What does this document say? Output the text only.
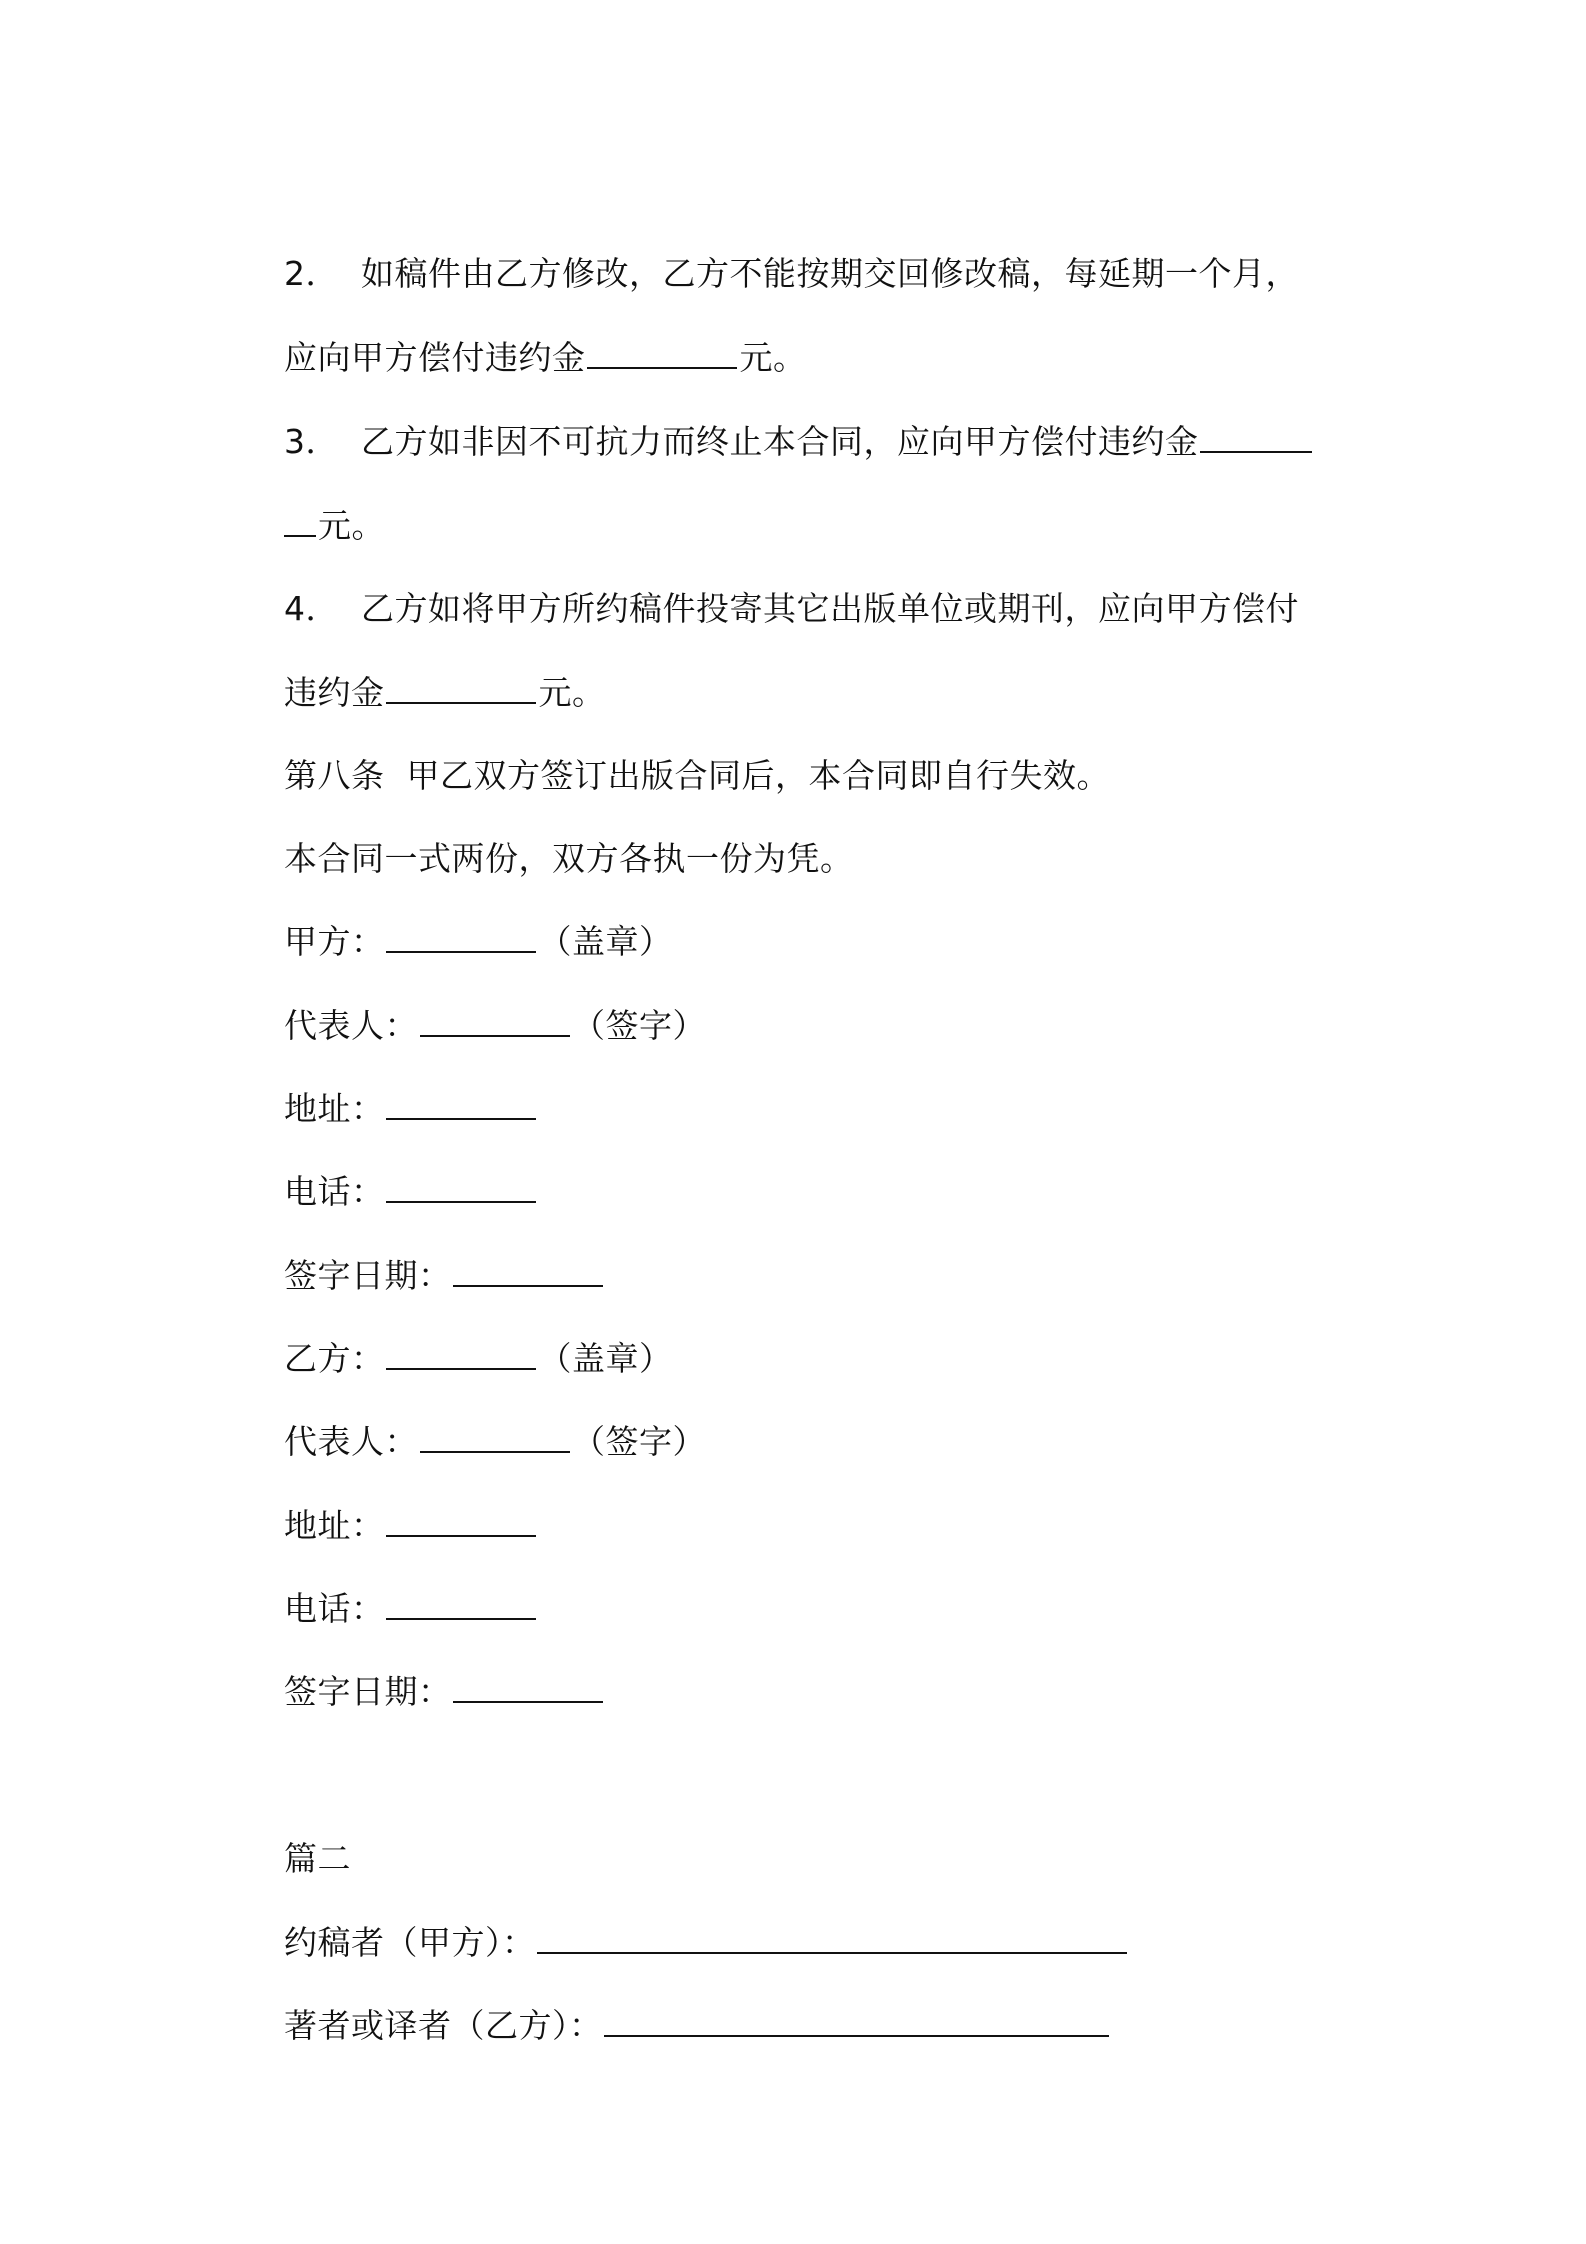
2．  如稿件由乙方修改，乙方不能按期交回修改稿，每延期一个月，

应向甲方偿付违约金	元。

3．  乙方如非因不可抗力而终止本合同，应向甲方偿付违约金

元。

4．  乙方如将甲方所约稿件投寄其它出版单位或期刊，应向甲方偿付

违约金	元。

第八条  甲乙双方签订出版合同后，本合同即自行失效。

本合同一式两份，双方各执一份为凭。

甲方：	（盖章）

代表人：	（签字）

地址：

电话：

签字日期：

乙方：	（盖章）

代表人：	（签字）

地址：

电话：

签字日期：

篇二

约稿者（甲方）：

著者或译者（乙方）：
